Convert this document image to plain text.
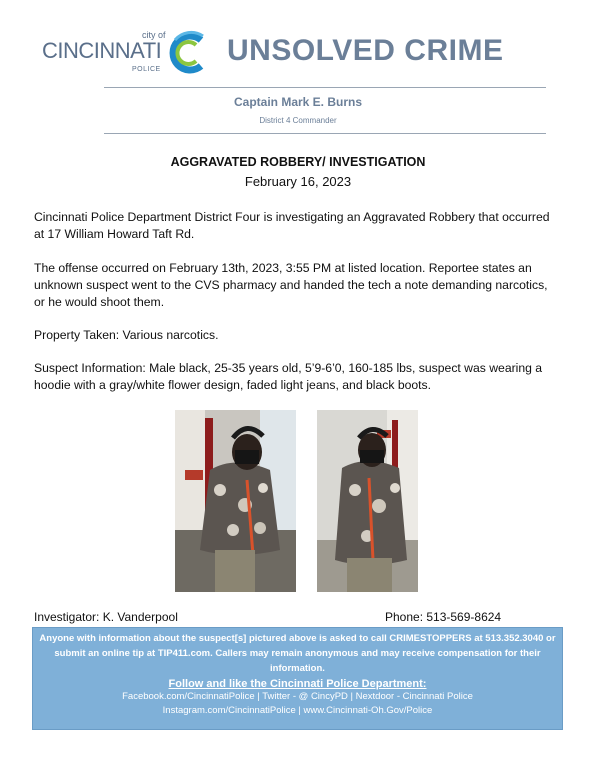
city of
CINCINNATI
POLICE
UNSOLVED CRIME
Captain Mark E. Burns
District 4 Commander
AGGRAVATED ROBBERY/ INVESTIGATION
February 16, 2023
Cincinnati Police Department District Four is investigating an Aggravated Robbery that occurred at 17 William Howard Taft Rd.
The offense occurred on February 13th, 2023, 3:55 PM at listed location. Reportee states an unknown suspect went to the CVS pharmacy and handed the tech a note demanding narcotics, or he would shoot them.
Property Taken: Various narcotics.
Suspect Information: Male black, 25-35 years old, 5’9-6’0, 160-185 lbs, suspect was wearing a hoodie with a gray/white flower design, faded light jeans, and black boots.
Investigator: K. Vanderpool	Phone: 513-569-8624
Anyone with information about the suspect[s] pictured above is asked to call CRIMESTOPPERS at 513.352.3040 or submit an online tip at TIP411.com. Callers may remain anonymous and may receive compensation for their information.
Follow and like the Cincinnati Police Department:
Facebook.com/CincinnatiPolice | Twitter - @ CincyPD | Nextdoor - Cincinnati Police
Instagram.com/CincinnatiPolice | www.Cincinnati-Oh.Gov/Police
